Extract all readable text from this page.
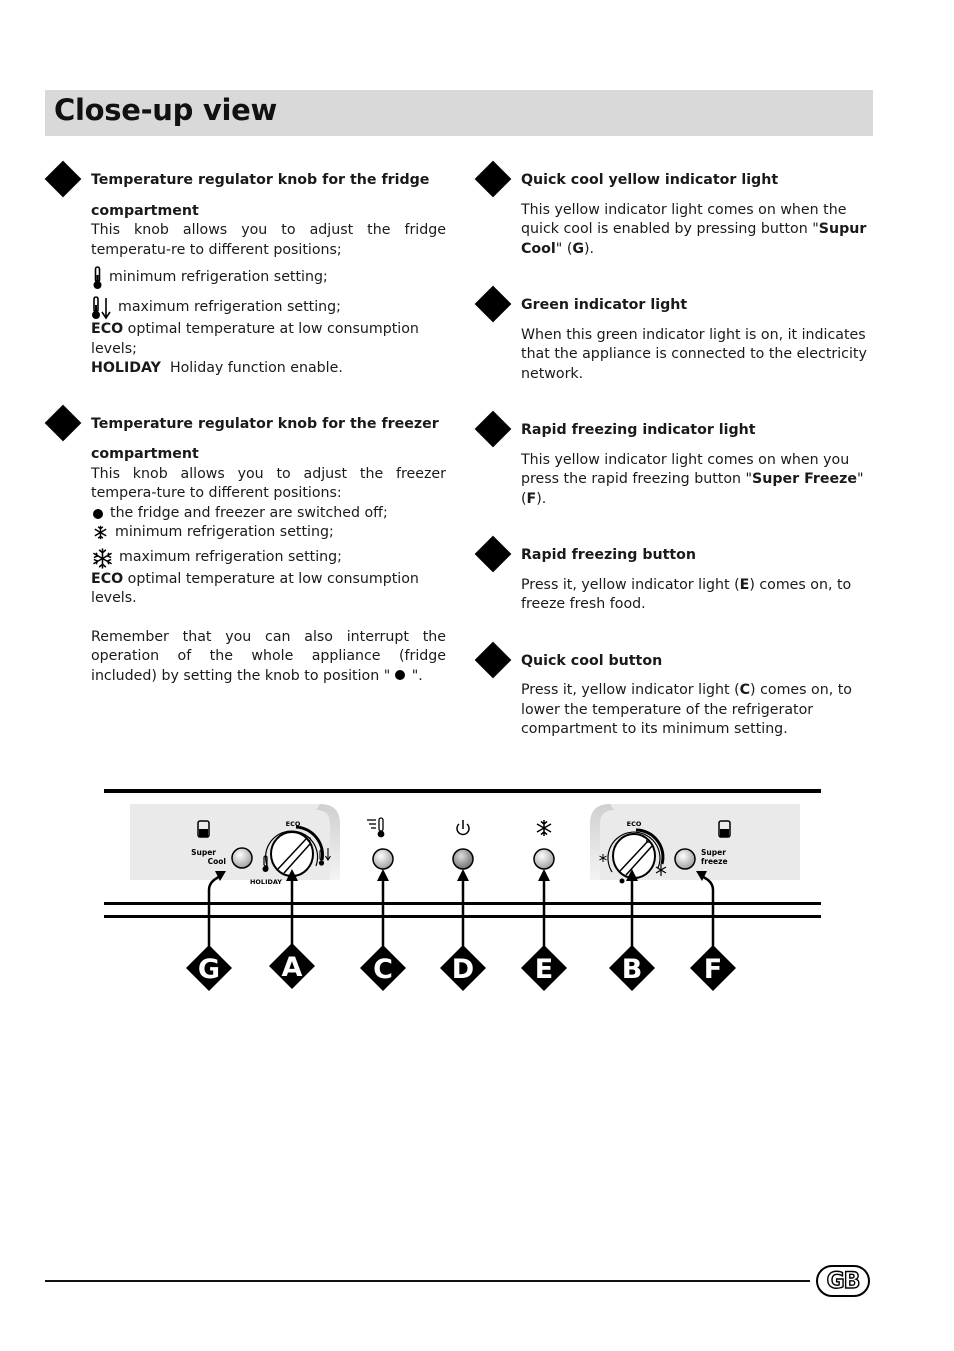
Close-up view
Temperature regulator knob for the fridge
compartment
This knob allows you to adjust the fridge temperatu-re to different positions;
minimum refrigeration setting;
maximum refrigeration setting;
ECO optimal temperature at low consumption levels;
HOLIDAY  Holiday function enable.
Temperature regulator knob for the freezer
compartment
This knob allows you to adjust the freezer tempera-ture to different positions:
the fridge and freezer are switched off;
minimum refrigeration setting;
maximum refrigeration setting;
ECO optimal temperature at low consumption levels.
Remember that you can also interrupt the operation of the whole appliance (fridge included) by setting the knob to position " ".
Quick cool yellow indicator light
This yellow indicator light comes on when the quick cool is enabled by pressing button "Supur Cool" (G).
Green indicator light
When this green indicator light is on, it indicates that the appliance is connected to the electricity network.
Rapid freezing indicator light
This yellow indicator light comes on when you press the rapid freezing button "Super Freeze" (F).
Rapid freezing button
Press it, yellow indicator light (E) comes on, to freeze fresh food.
Quick cool button
Press it, yellow indicator light (C) comes on, to lower the temperature of the refrigerator compartment to its minimum setting.
Super
Cool
ECO
HOLIDAY
ECO
Super
freeze
G A	C D E	B F
GB
